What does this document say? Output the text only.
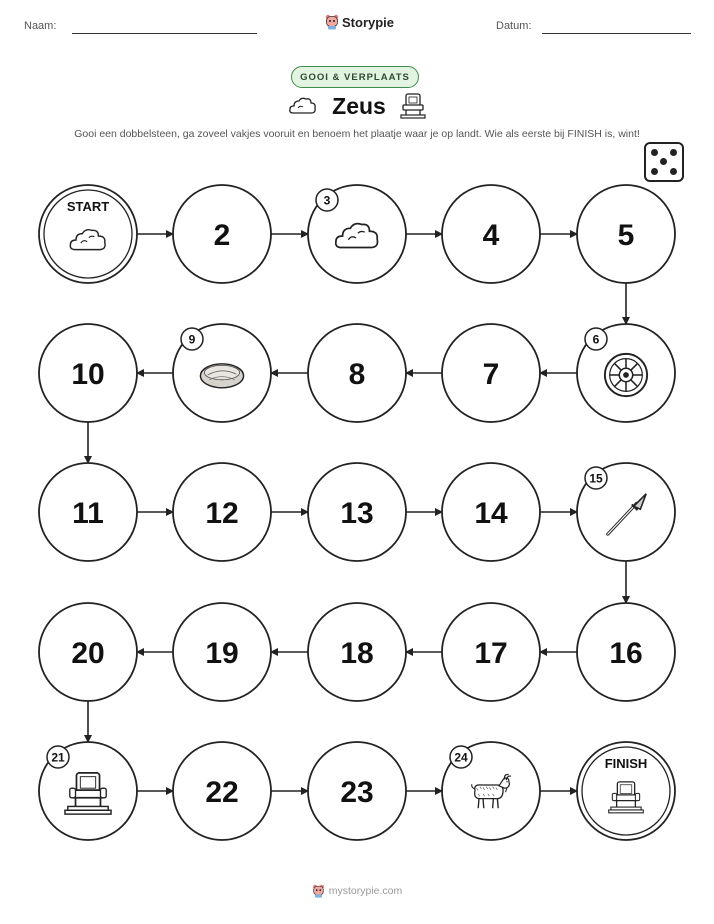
Naam:	Storypie	Datum:
GOOI & VERPLAATS
Zeus
Gooi een dobbelsteen, ga zoveel vakjes vooruit en benoem het plaatje waar je op landt. Wie als eerste bij FINISH is, wint!
START
2
3
4	5
10
9
8	7
6
11	12	13	14
15
20	19	18	17	16
21
22	23
24	FINISH
mystorypie.com
